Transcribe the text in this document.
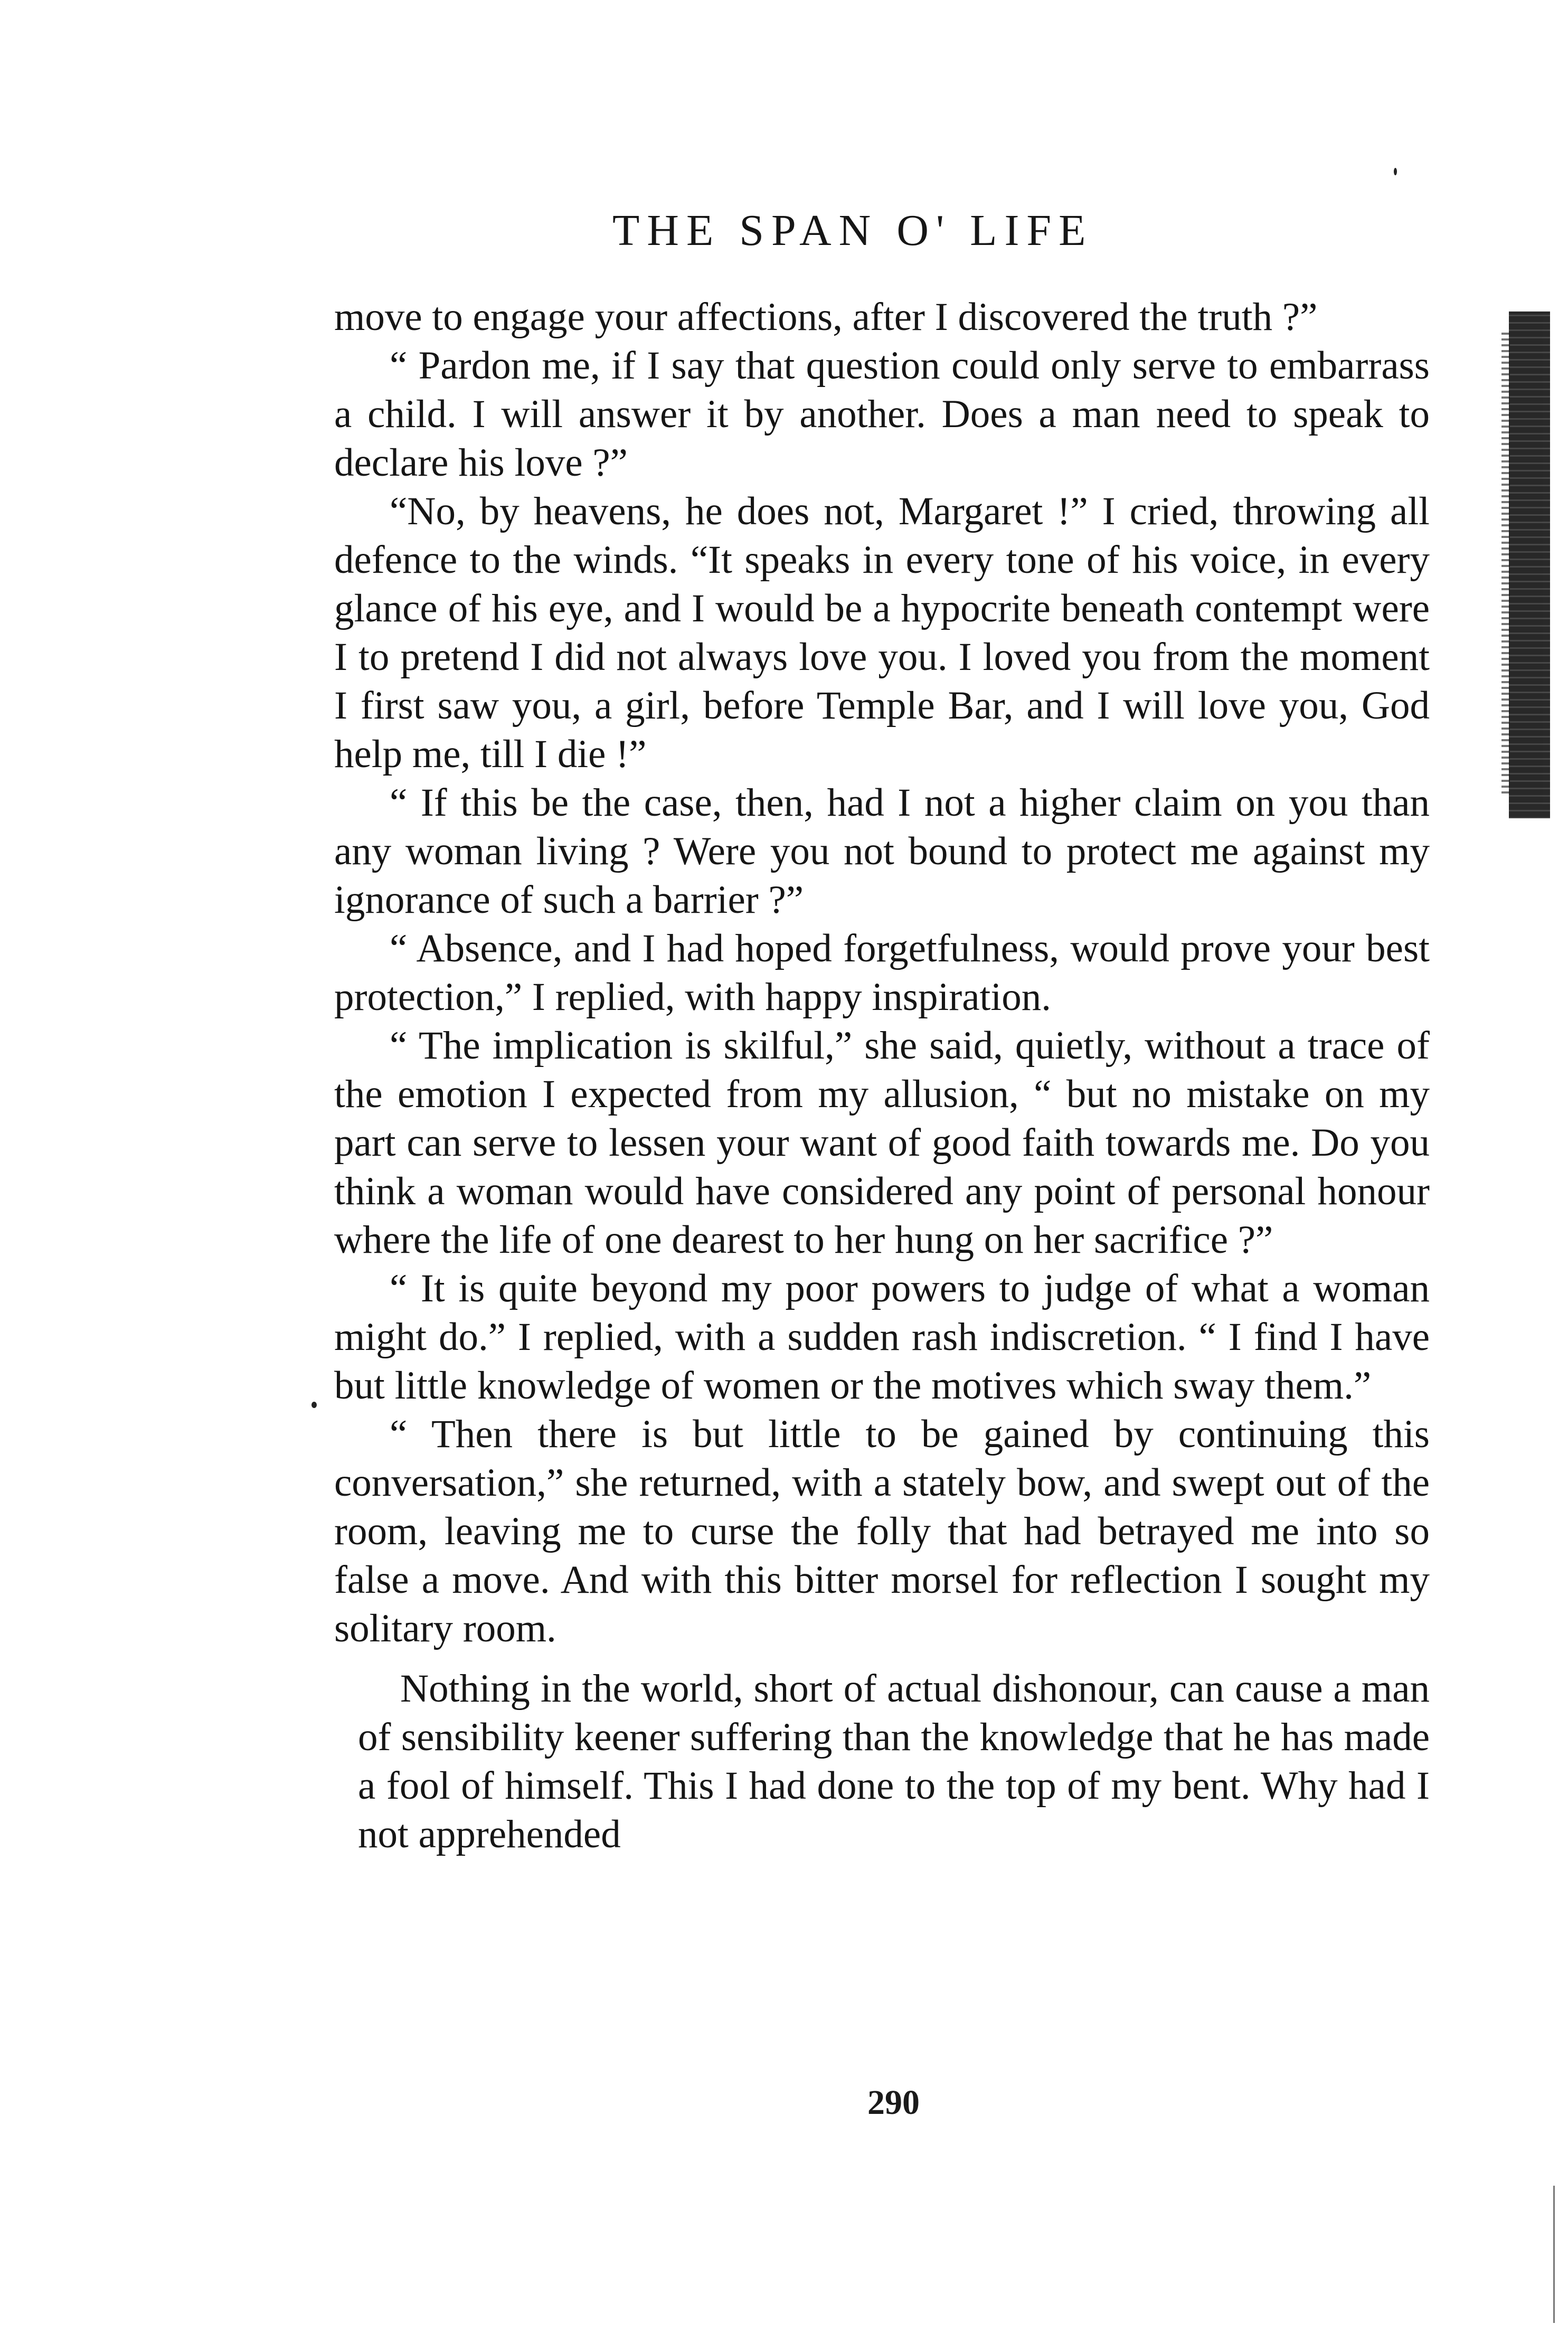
THE SPAN O' LIFE

move to engage your affections, after I discovered the truth ?”

“ Pardon me, if I say that question could only serve to embarrass a child. I will answer it by another. Does a man need to speak to declare his love ?”

“No, by heavens, he does not, Margaret !” I cried, throwing all defence to the winds. “It speaks in every tone of his voice, in every glance of his eye, and I would be a hypocrite beneath contempt were I to pretend I did not always love you. I loved you from the moment I first saw you, a girl, before Temple Bar, and I will love you, God help me, till I die !”

“ If this be the case, then, had I not a higher claim on you than any woman living ? Were you not bound to protect me against my ignorance of such a barrier ?”

“ Absence, and I had hoped forgetfulness, would prove your best protection,” I replied, with happy inspiration.

“ The implication is skilful,” she said, quietly, without a trace of the emotion I expected from my allusion, “ but no mistake on my part can serve to lessen your want of good faith towards me. Do you think a woman would have considered any point of personal honour where the life of one dearest to her hung on her sacrifice ?”

“ It is quite beyond my poor powers to judge of what a woman might do.” I replied, with a sudden rash indiscretion. “ I find I have but little knowledge of women or the motives which sway them.”

“ Then there is but little to be gained by continuing this conversation,” she returned, with a stately bow, and swept out of the room, leaving me to curse the folly that had betrayed me into so false a move. And with this bitter morsel for reflection I sought my solitary room.

Nothing in the world, short of actual dishonour, can cause a man of sensibility keener suffering than the knowledge that he has made a fool of himself. This I had done to the top of my bent. Why had I not apprehended

290
